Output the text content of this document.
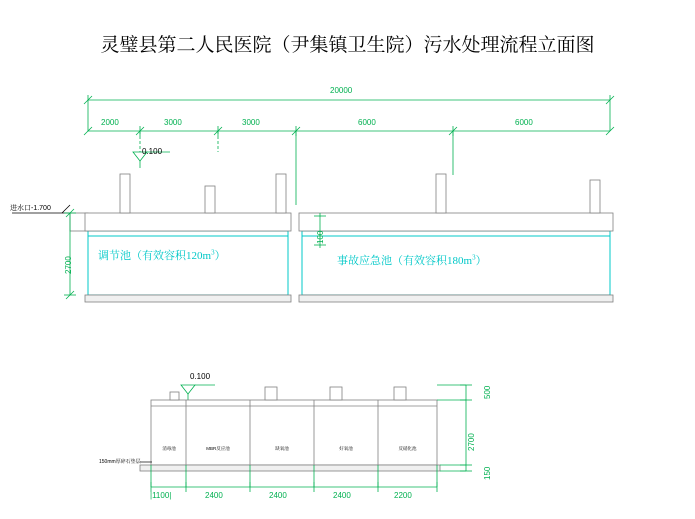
灵璧县第二人民医院（尹集镇卫生院）污水处理流程立面图
20000
2000	3000	3000	6000	6000
0.100
进水口-1.700
2700
100
调节池（有效容积$120m^3$）	事故应急池（有效容积$180m^3$）
0.100
150mm厚碎石垫层
消毒池	MBR反应池	缺氧池	好氧池	反硝化池
|1100|	2400	2400	2400	2200
500
2700
150
